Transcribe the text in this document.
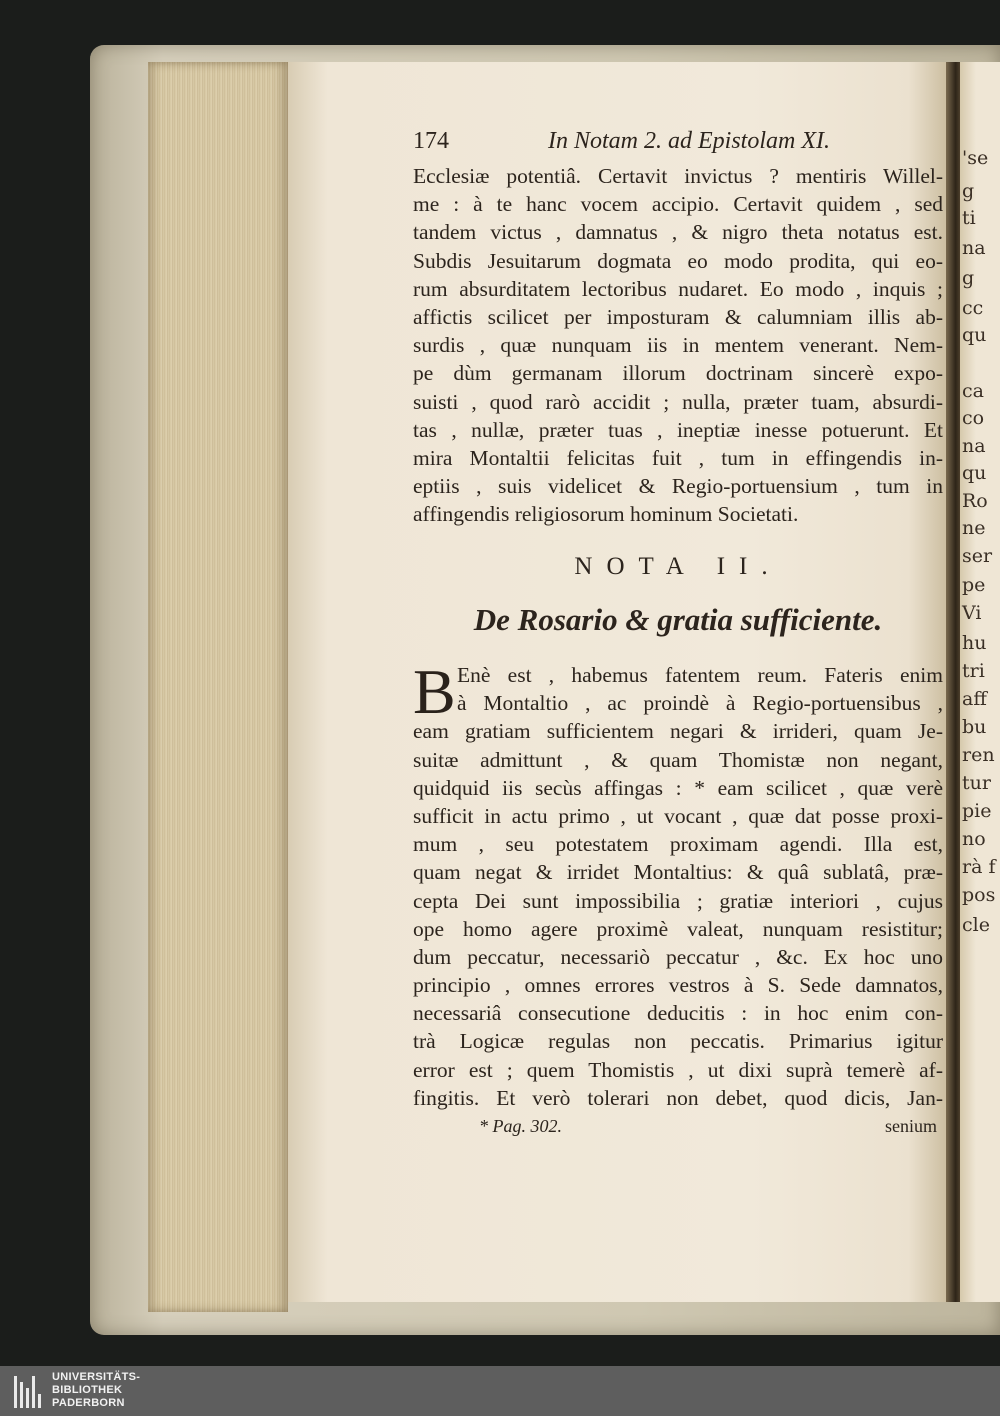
'se
g
ti
na
g
cc
qu
ca
co
na
qu
Ro
ne
ser
pe
Vi
hu
tri
aff
bu
ren
tur
pie
no
rà f
pos
cle
174	In Notam 2. ad Epistolam XI.
Ecclesiæ potentiâ. Certavit invictus ? mentiris Willel-
me : à te hanc vocem accipio. Certavit quidem , sed
tandem victus , damnatus , & nigro theta notatus est.
Subdis Jesuitarum dogmata eo modo prodita, qui eo-
rum absurditatem lectoribus nudaret. Eo modo , inquis ;
affictis scilicet per imposturam & calumniam illis ab-
surdis , quæ nunquam iis in mentem venerant. Nem-
pe dùm germanam illorum doctrinam sincerè expo-
suisti , quod rarò accidit ; nulla, præter tuam, absurdi-
tas , nullæ, præter tuas , ineptiæ inesse potuerunt. Et
mira Montaltii felicitas fuit , tum in effingendis in-
eptiis , suis videlicet & Regio-portuensium , tum in
affingendis religiosorum hominum Societati.
NOTA II.
De Rosario & gratia sufficiente.
B Enè est , habemus fatentem reum. Fateris enim
à Montaltio , ac proindè à Regio-portuensibus ,
eam gratiam sufficientem negari & irrideri, quam Je-
suitæ admittunt , & quam Thomistæ non negant,
quidquid iis secùs affingas : * eam scilicet , quæ verè
sufficit in actu primo , ut vocant , quæ dat posse proxi-
mum , seu potestatem proximam agendi. Illa est,
quam negat & irridet Montaltius: & quâ sublatâ, præ-
cepta Dei sunt impossibilia ; gratiæ interiori , cujus
ope homo agere proximè valeat, nunquam resistitur;
dum peccatur, necessariò peccatur , &c. Ex hoc uno
principio , omnes errores vestros à S. Sede damnatos,
necessariâ consecutione deducitis : in hoc enim con-
trà Logicæ regulas non peccatis. Primarius igitur
error est ; quem Thomistis , ut dixi suprà temerè af-
fingitis. Et verò tolerari non debet, quod dicis, Jan-
* Pag. 302.	senium
UNIVERSITÄTS-
BIBLIOTHEK
PADERBORN
